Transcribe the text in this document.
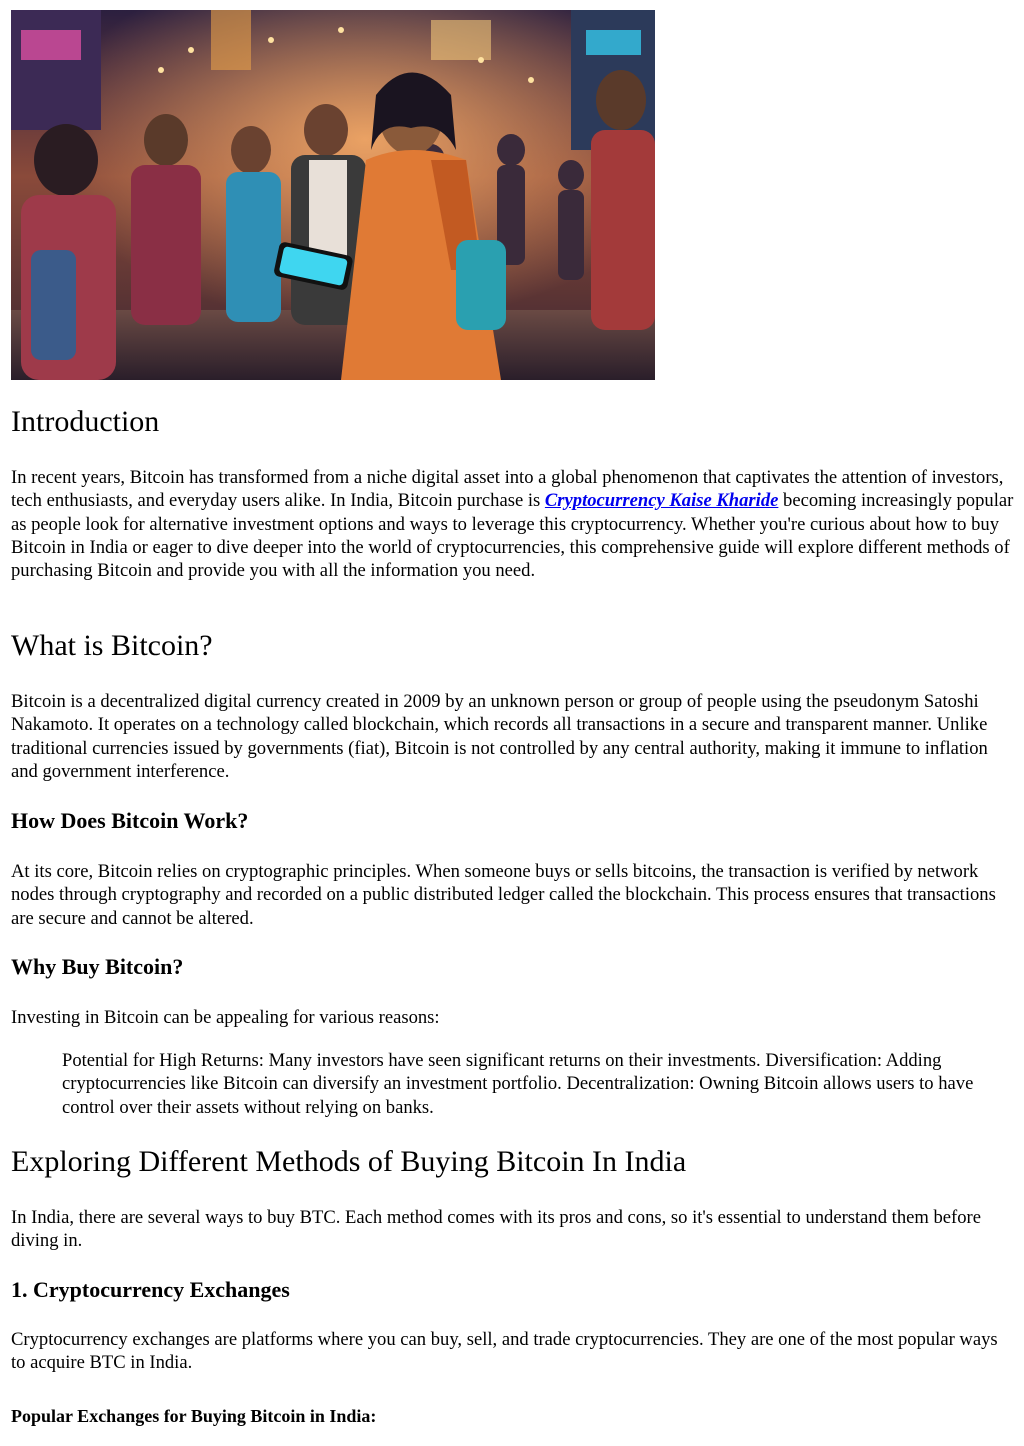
Introduction

In recent years, Bitcoin has transformed from a niche digital asset into a global phenomenon that captivates the attention of investors, tech enthusiasts, and everyday users alike. In India, Bitcoin purchase is Cryptocurrency Kaise Kharide becoming increasingly popular as people look for alternative investment options and ways to leverage this cryptocurrency. Whether you're curious about how to buy Bitcoin in India or eager to dive deeper into the world of cryptocurrencies, this comprehensive guide will explore different methods of purchasing Bitcoin and provide you with all the information you need.

What is Bitcoin?

Bitcoin is a decentralized digital currency created in 2009 by an unknown person or group of people using the pseudonym Satoshi Nakamoto. It operates on a technology called blockchain, which records all transactions in a secure and transparent manner. Unlike traditional currencies issued by governments (fiat), Bitcoin is not controlled by any central authority, making it immune to inflation and government interference.

How Does Bitcoin Work?

At its core, Bitcoin relies on cryptographic principles. When someone buys or sells bitcoins, the transaction is verified by network nodes through cryptography and recorded on a public distributed ledger called the blockchain. This process ensures that transactions are secure and cannot be altered.

Why Buy Bitcoin?

Investing in Bitcoin can be appealing for various reasons:

Potential for High Returns: Many investors have seen significant returns on their investments. Diversification: Adding cryptocurrencies like Bitcoin can diversify an investment portfolio. Decentralization: Owning Bitcoin allows users to have control over their assets without relying on banks.
Exploring Different Methods of Buying Bitcoin In India

In India, there are several ways to buy BTC. Each method comes with its pros and cons, so it's essential to understand them before diving in.

1. Cryptocurrency Exchanges

Cryptocurrency exchanges are platforms where you can buy, sell, and trade cryptocurrencies. They are one of the most popular ways to acquire BTC in India.

Popular Exchanges for Buying Bitcoin in India:
